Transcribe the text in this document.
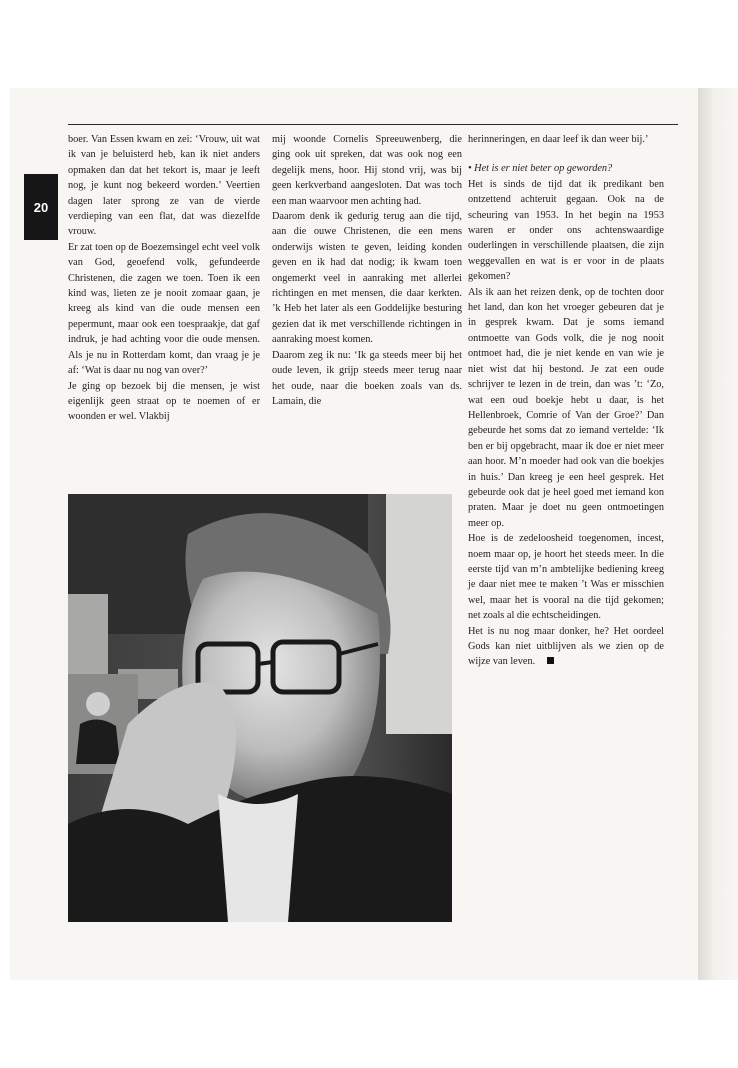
20

boer. Van Essen kwam en zei: ‘Vrouw, uit wat ik van je beluisterd heb, kan ik niet anders opmaken dan dat het tekort is, maar je leeft nog, je kunt nog bekeerd worden.’ Veertien dagen later sprong ze van de vierde verdieping van een flat, dat was diezelfde vrouw.

Er zat toen op de Boezemsingel echt veel volk van God, geoefend volk, gefundeerde Christenen, die zagen we toen. Toen ik een kind was, lieten ze je nooit zomaar gaan, je kreeg als kind van die oude mensen een pepermunt, maar ook een toespraakje, dat gaf indruk, je had achting voor die oude mensen. Als je nu in Rotterdam komt, dan vraag je je af: ‘Wat is daar nu nog van over?’

Je ging op bezoek bij die mensen, je wist eigenlijk geen straat op te noemen of er woonden er wel. Vlakbij

mij woonde Cornelis Spreeuwenberg, die ging ook uit spreken, dat was ook nog een degelijk mens, hoor. Hij stond vrij, was bij geen kerkverband aangesloten. Dat was toch een man waarvoor men achting had.

Daarom denk ik gedurig terug aan die tijd, aan die ouwe Christenen, die een mens onderwijs wisten te geven, leiding konden geven en ik had dat nodig; ik kwam toen ongemerkt veel in aanraking met allerlei richtingen en met mensen, die daar kerkten. ’k Heb het later als een Goddelijke besturing gezien dat ik met verschillende richtingen in aanraking moest komen.

Daarom zeg ik nu: ‘Ik ga steeds meer bij het oude leven, ik grijp steeds meer terug naar het oude, naar die boeken zoals van ds. Lamain, die

herinneringen, en daar leef ik dan weer bij.’

• Het is er niet beter op geworden?

Het is sinds de tijd dat ik predikant ben ontzettend achteruit gegaan. Ook na de scheuring van 1953. In het begin na 1953 waren er onder ons achtenswaardige ouderlingen in verschillende plaatsen, die zijn weggevallen en wat is er voor in de plaats gekomen?

Als ik aan het reizen denk, op de tochten door het land, dan kon het vroeger gebeuren dat je in gesprek kwam. Dat je soms iemand ontmoette van Gods volk, die je nog nooit ontmoet had, die je niet kende en van wie je niet wist dat hij bestond. Je zat een oude schrijver te lezen in de trein, dan was ’t: ‘Zo, wat een oud boekje hebt u daar, is het Hellenbroek, Comrie of Van der Groe?’ Dan gebeurde het soms dat zo iemand vertelde: ‘Ik ben er bij opgebracht, maar ik doe er niet meer aan hoor. M’n moeder had ook van die boekjes in huis.’ Dan kreeg je een heel gesprek. Het gebeurde ook dat je heel goed met iemand kon praten. Maar je doet nu geen ontmoetingen meer op.

Hoe is de zedeloosheid toegenomen, incest, noem maar op, je hoort het steeds meer. In die eerste tijd van m’n ambtelijke bediening kreeg je daar niet mee te maken ’t Was er misschien wel, maar het is vooral na die tijd gekomen; net zoals al die echtscheidingen.

Het is nu nog maar donker, he? Het oordeel Gods kan niet uitblijven als we zien op de wijze van leven.
